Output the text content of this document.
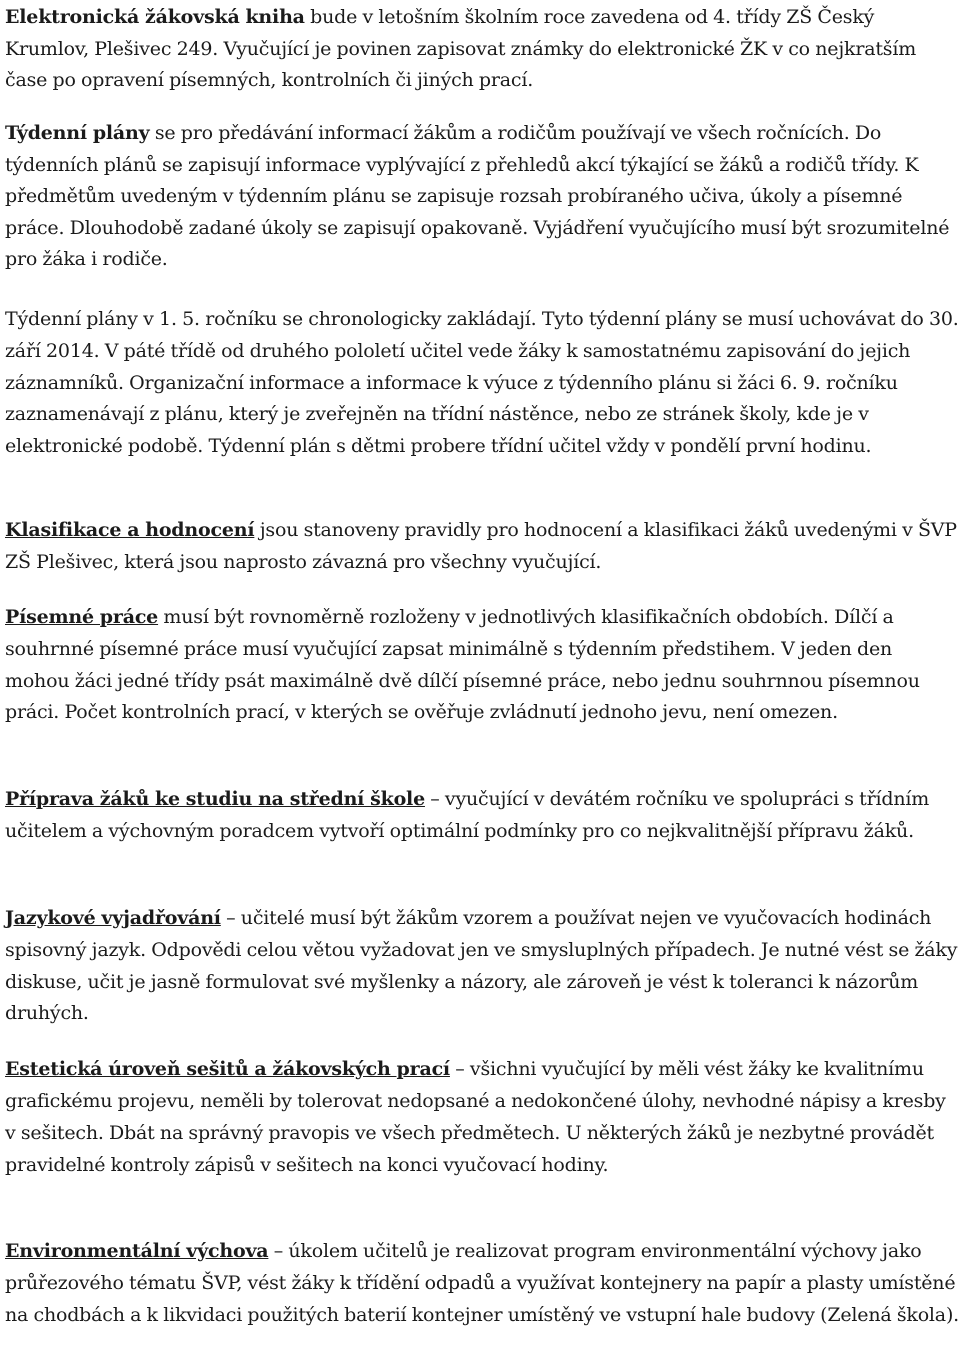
Elektronická žákovská kniha bude v letošním školním roce zavedena od 4. třídy ZŠ Český Krumlov, Plešivec 249. Vyučující je povinen zapisovat známky do elektronické ŽK v co nejkratším čase po opravení písemných, kontrolních či jiných prací.

Týdenní plány se pro předávání informací žákům a rodičům používají ve všech ročnících. Do týdenních plánů se zapisují informace vyplývající z přehledů akcí týkající se žáků a rodičů třídy. K předmětům uvedeným v týdenním plánu se zapisuje rozsah probíraného učiva, úkoly a písemné práce. Dlouhodobě zadané úkoly se zapisují opakovaně. Vyjádření vyučujícího musí být srozumitelné pro žáka i rodiče.

Týdenní plány v 1. 5. ročníku se chronologicky zakládají. Tyto týdenní plány se musí uchovávat do 30. září 2014. V páté třídě od druhého pololetí učitel vede žáky k samostatnému zapisování do jejich záznamníků. Organizační informace a informace k výuce z týdenního plánu si žáci 6. 9. ročníku zaznamenávají z plánu, který je zveřejněn na třídní nástěnce, nebo ze stránek školy, kde je v elektronické podobě. Týdenní plán s dětmi probere třídní učitel vždy v pondělí první hodinu.

Klasifikace a hodnocení jsou stanoveny pravidly pro hodnocení a klasifikaci žáků uvedenými v ŠVP ZŠ Plešivec, která jsou naprosto závazná pro všechny vyučující.

Písemné práce musí být rovnoměrně rozloženy v jednotlivých klasifikačních obdobích. Dílčí a souhrnné písemné práce musí vyučující zapsat minimálně s týdenním předstihem. V jeden den mohou žáci jedné třídy psát maximálně dvě dílčí písemné práce, nebo jednu souhrnnou písemnou práci. Počet kontrolních prací, v kterých se ověřuje zvládnutí jednoho jevu, není omezen.

Příprava žáků ke studiu na střední škole – vyučující v devátém ročníku ve spolupráci s třídním učitelem a výchovným poradcem vytvoří optimální podmínky pro co nejkvalitnější přípravu žáků.

Jazykové vyjadřování – učitelé musí být žákům vzorem a používat nejen ve vyučovacích hodinách spisovný jazyk. Odpovědi celou větou vyžadovat jen ve smysluplných případech. Je nutné vést se žáky diskuse, učit je jasně formulovat své myšlenky a názory, ale zároveň je vést k toleranci k názorům druhých.

Estetická úroveň sešitů a žákovských prací – všichni vyučující by měli vést žáky ke kvalitnímu grafickému projevu, neměli by tolerovat nedopsané a nedokončené úlohy, nevhodné nápisy a kresby v sešitech. Dbát na správný pravopis ve všech předmětech. U některých žáků je nezbytné provádět pravidelné kontroly zápisů v sešitech na konci vyučovací hodiny.

Environmentální výchova – úkolem učitelů je realizovat program environmentální výchovy jako průřezového tématu ŠVP, vést žáky k třídění odpadů a využívat kontejnery na papír a plasty umístěné na chodbách a k likvidaci použitých baterií kontejner umístěný ve vstupní hale budovy (Zelená škola).
